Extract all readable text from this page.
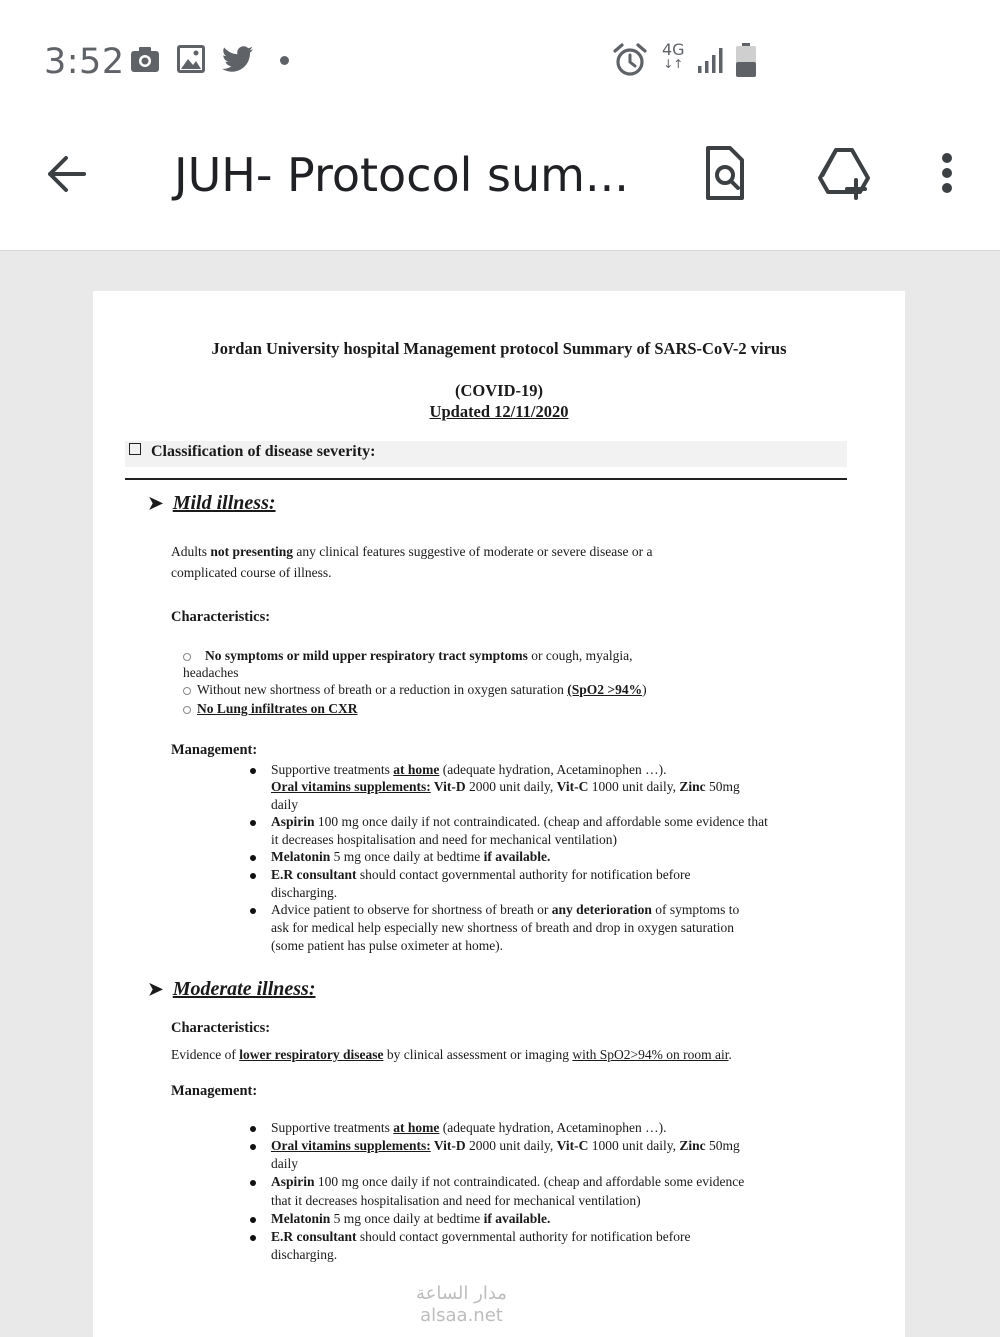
3:52	4G
↓↑
JUH- Protocol sum...
Jordan University hospital Management protocol Summary of SARS-CoV-2 virus
(COVID-19)
Updated 12/11/2020
Classification of disease severity:
➤ Mild illness:
Adults not presenting any clinical features suggestive of moderate or severe disease or a
complicated course of illness.
Characteristics:
No symptoms or mild upper respiratory tract symptoms or cough, myalgia,
headaches
Without new shortness of breath or a reduction in oxygen saturation (SpO2 >94%)
No Lung infiltrates on CXR
Management:
Supportive treatments at home (adequate hydration, Acetaminophen …).
Oral vitamins supplements: Vit-D 2000 unit daily, Vit-C 1000 unit daily, Zinc 50mg
daily
Aspirin 100 mg once daily if not contraindicated. (cheap and affordable some evidence that
it decreases hospitalisation and need for mechanical ventilation)
Melatonin 5 mg once daily at bedtime if available.
E.R consultant should contact governmental authority for notification before
discharging.
Advice patient to observe for shortness of breath or any deterioration of symptoms to
ask for medical help especially new shortness of breath and drop in oxygen saturation
(some patient has pulse oximeter at home).
➤ Moderate illness:
Characteristics:
Evidence of lower respiratory disease by clinical assessment or imaging with SpO2>94% on room air.
Management:
Supportive treatments at home (adequate hydration, Acetaminophen …).
Oral vitamins supplements: Vit-D 2000 unit daily, Vit-C 1000 unit daily, Zinc 50mg
daily
Aspirin 100 mg once daily if not contraindicated. (cheap and affordable some evidence
that it decreases hospitalisation and need for mechanical ventilation)
Melatonin 5 mg once daily at bedtime if available.
E.R consultant should contact governmental authority for notification before
discharging.
مدار الساعة
alsaa.net
